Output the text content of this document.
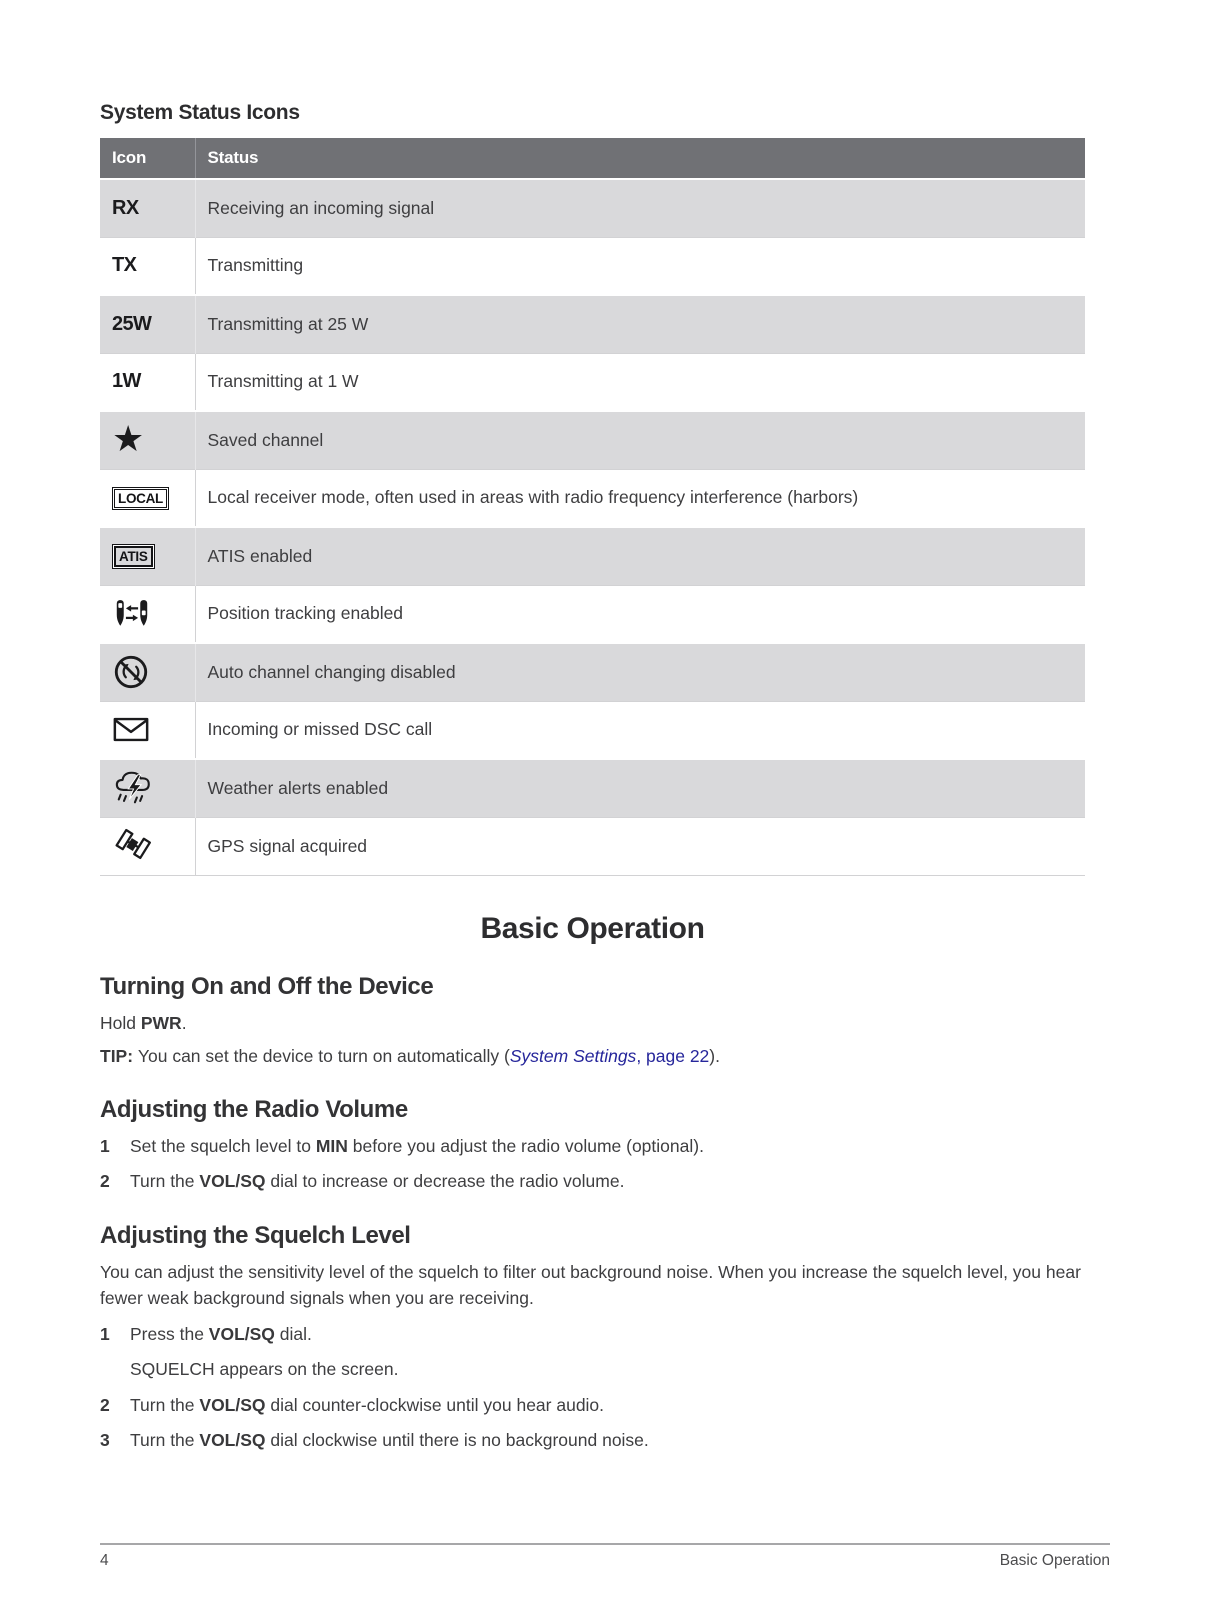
System Status Icons
Icon	Status
RX	Receiving an incoming signal
TX	Transmitting
25W	Transmitting at 25 W
1W	Transmitting at 1 W
★	Saved channel
LOCAL	Local receiver mode, often used in areas with radio frequency interference (harbors)
ATIS	ATIS enabled

	Position tracking enabled

	Auto channel changing disabled

	Incoming or missed DSC call

	Weather alerts enabled

	GPS signal acquired
Basic Operation
Turning On and Off the Device

Hold PWR.

TIP: You can set the device to turn on automatically (System Settings, page 22).

Adjusting the Radio Volume
1	Set the squelch level to MIN before you adjust the radio volume (optional).
2	Turn the VOL/SQ dial to increase or decrease the radio volume.
Adjusting the Squelch Level

You can adjust the sensitivity level of the squelch to filter out background noise. When you increase the squelch level, you hear fewer weak background signals when you are receiving.

1	Press the VOL/SQ dial.
SQUELCH appears on the screen.
2	Turn the VOL/SQ dial counter-clockwise until you hear audio.
3	Turn the VOL/SQ dial clockwise until there is no background noise.
4	Basic Operation
